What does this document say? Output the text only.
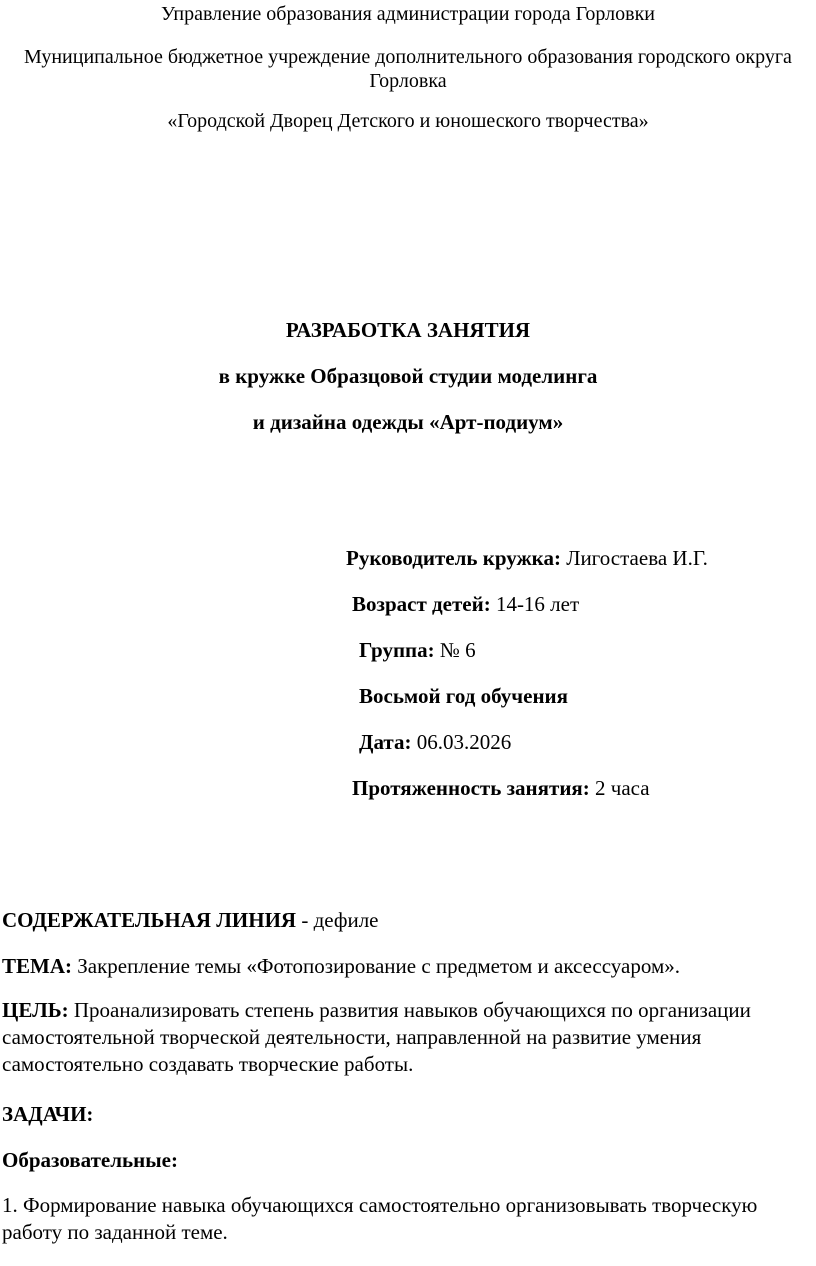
Управление образования администрации города Горловки
Муниципальное бюджетное учреждение дополнительного образования городского округа Горловка
«Городской Дворец Детского и юношеского творчества»
РАЗРАБОТКА ЗАНЯТИЯ
в кружке Образцовой студии моделинга
и дизайна одежды «Арт-подиум»
Руководитель кружка: Лигостаева И.Г.
Возраст детей: 14-16 лет
Группа: № 6
Восьмой год обучения
Дата: 06.03.2026
Протяженность занятия: 2 часа
СОДЕРЖАТЕЛЬНАЯ ЛИНИЯ - дефиле
ТЕМА: Закрепление темы «Фотопозирование с предметом и аксессуаром».
ЦЕЛЬ: Проанализировать степень развития навыков обучающихся по организации самостоятельной творческой деятельности, направленной на развитие умения самостоятельно создавать творческие работы.
ЗАДАЧИ:
Образовательные:
1. Формирование навыка обучающихся самостоятельно организовывать творческую работу по заданной теме.
